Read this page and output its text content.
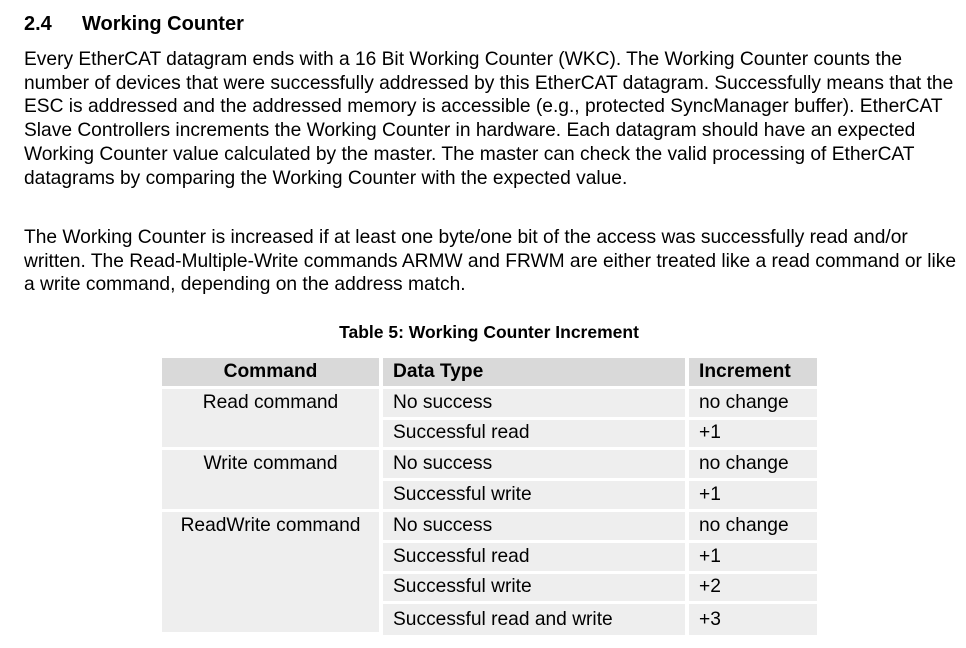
2.4 Working Counter

Every EtherCAT datagram ends with a 16 Bit Working Counter (WKC). The Working Counter counts the number of devices that were successfully addressed by this EtherCAT datagram. Successfully means that the ESC is addressed and the addressed memory is accessible (e.g., protected SyncManager buffer). EtherCAT Slave Controllers increments the Working Counter in hardware. Each datagram should have an expected Working Counter value calculated by the master. The master can check the valid processing of EtherCAT datagrams by comparing the Working Counter with the expected value.

The Working Counter is increased if at least one byte/one bit of the access was successfully read and/or written. The Read-Multiple-Write commands ARMW and FRWM are either treated like a read command or like a write command, depending on the address match.

Table 5: Working Counter Increment
Command	Data Type	Increment
Read command	No success	no change
	Successful read	+1
Write command	No success	no change
	Successful write	+1
ReadWrite command	No success	no change
	Successful read	+1
	Successful write	+2
	Successful read and write	+3
